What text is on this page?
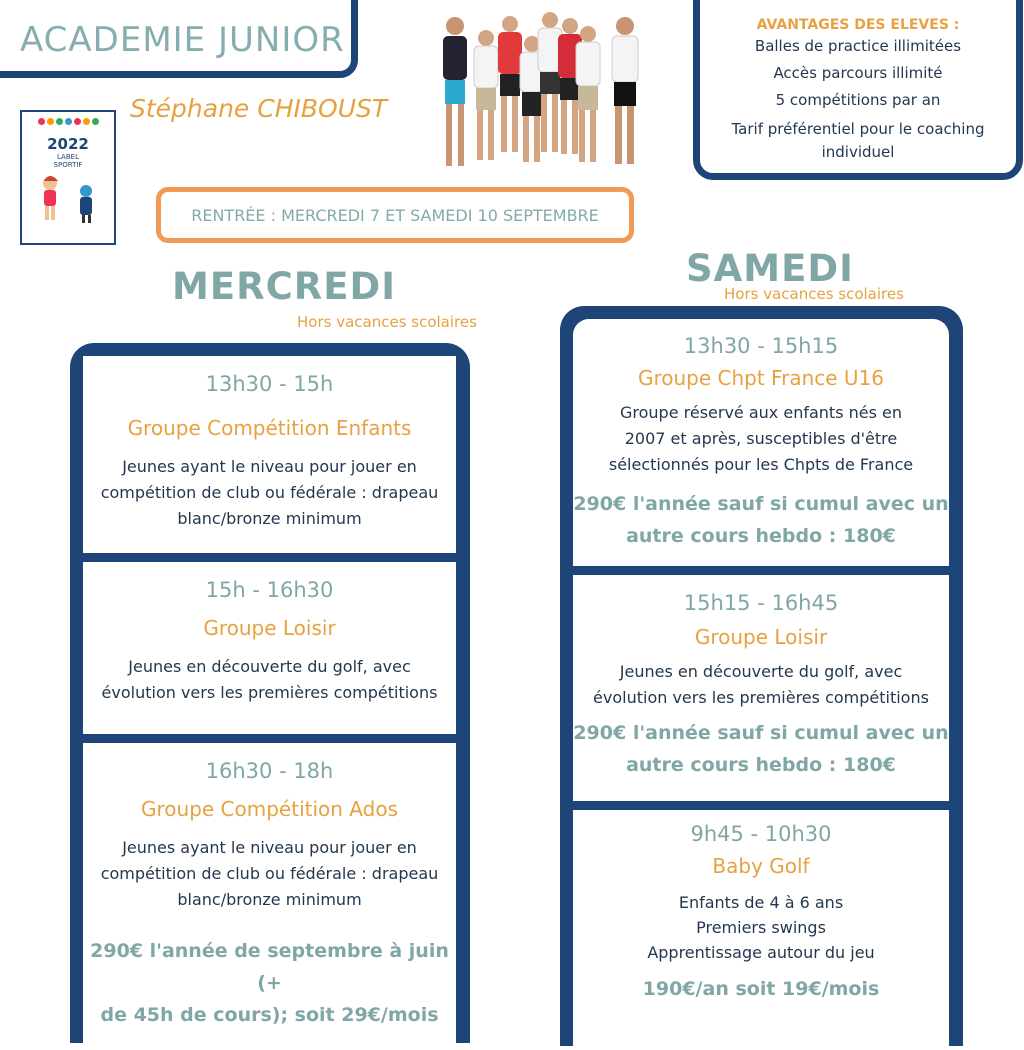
ACADEMIE JUNIOR
Stéphane CHIBOUST
2022
LABEL
SPORTIF
AVANTAGES DES ELEVES :
Balles de practice illimitées
Accès parcours illimité
5 compétitions par an
Tarif préférentiel pour le coaching
individuel
RENTRÉE : MERCREDI 7 ET SAMEDI 10 SEPTEMBRE
MERCREDI
Hors vacances scolaires
SAMEDI
Hors vacances scolaires
13h30 - 15h
Groupe Compétition Enfants
Jeunes ayant le niveau pour jouer en
compétition de club ou fédérale : drapeau
blanc/bronze minimum
15h - 16h30
Groupe Loisir
Jeunes en découverte du golf, avec
évolution vers les premières compétitions
16h30 - 18h
Groupe Compétition Ados
Jeunes ayant le niveau pour jouer en
compétition de club ou fédérale : drapeau
blanc/bronze minimum
290€ l'année de septembre à juin (+
de 45h de cours); soit 29€/mois
13h30 - 15h15
Groupe Chpt France U16
Groupe réservé aux enfants nés en
2007 et après, susceptibles d'être
sélectionnés pour les Chpts de France
290€ l'année sauf si cumul avec un
autre cours hebdo : 180€
15h15 - 16h45
Groupe Loisir
Jeunes en découverte du golf, avec
évolution vers les premières compétitions
290€ l'année sauf si cumul avec un
autre cours hebdo : 180€
9h45 - 10h30
Baby Golf
Enfants de 4 à 6 ans
Premiers swings
Apprentissage autour du jeu
190€/an soit 19€/mois
